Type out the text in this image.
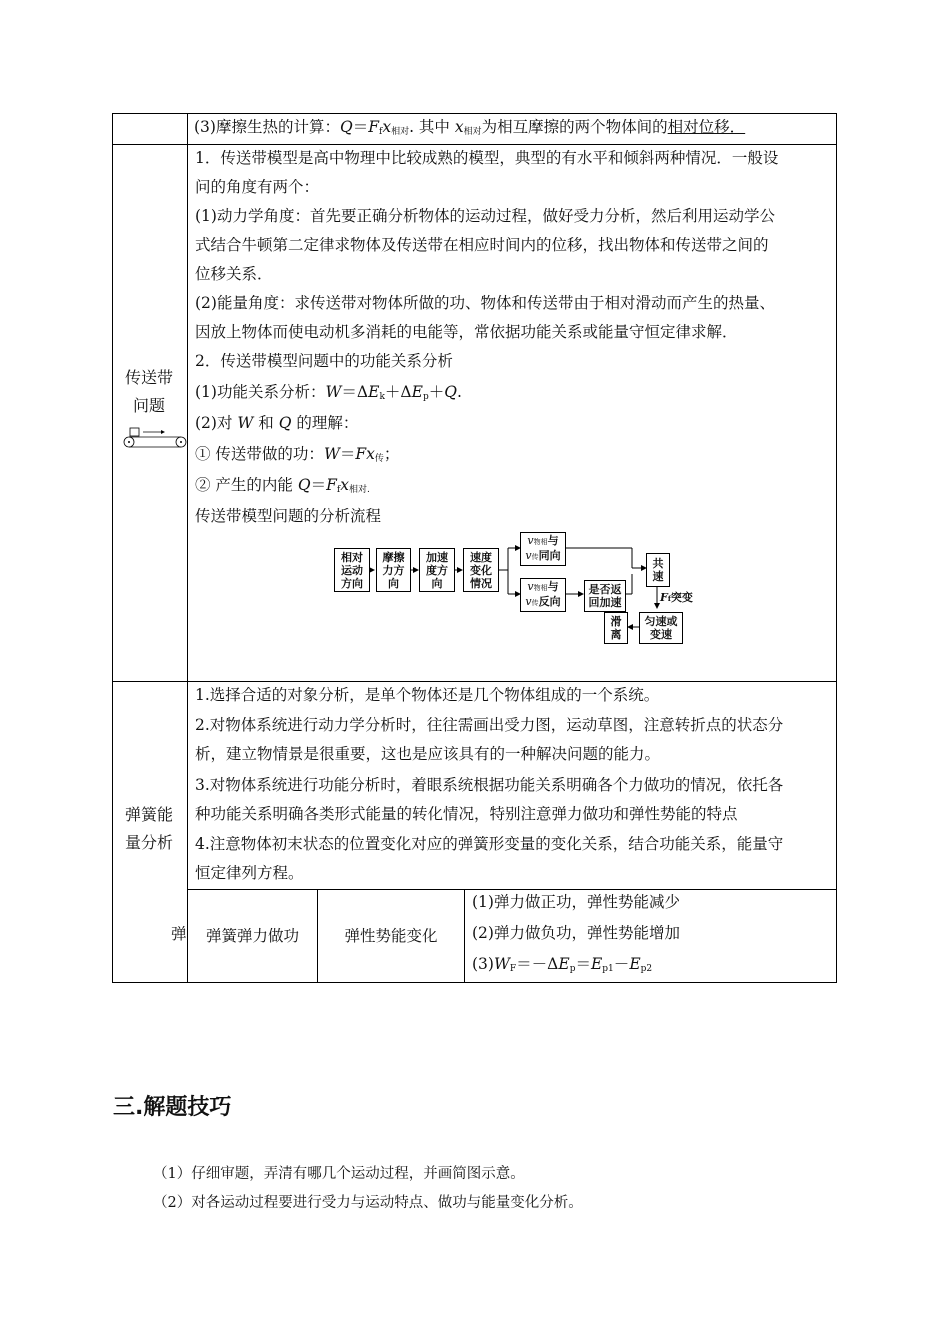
(3)摩擦生热的计算：$Q=F_fx_{相对}$. 其中 $x_{相对}$为相互摩擦的两个物体间的相对位移．
传送带
问题
1．传送带模型是高中物理中比较成熟的模型，典型的有水平和倾斜两种情况．一般设
问的角度有两个：
(1)动力学角度：首先要正确分析物体的运动过程，做好受力分析，然后利用运动学公
式结合牛顿第二定律求物体及传送带在相应时间内的位移，找出物体和传送带之间的
位移关系．
(2)能量角度：求传送带对物体所做的功、物体和传送带由于相对滑动而产生的热量、
因放上物体而使电动机多消耗的电能等，常依据功能关系或能量守恒定律求解．
2．传送带模型问题中的功能关系分析
(1)功能关系分析：$W=\Delta E_k+\Delta E_p+Q$.
(2)对 W 和 Q 的理解：
① 传送带做的功：$W=Fx_传$；
② 产生的内能 $Q=F_fx_{相对.}$
传送带模型问题的分析流程
相对
运动
方向
摩擦
力方
向
加速
度方
向
速度
变化
情况
v物相与
v传同向
v物相与
v传反向
是否返
回加速
共
速
匀速或
变速
滑
离
Ff突变
弹簧能
量分析
1.选择合适的对象分析，是单个物体还是几个物体组成的一个系统。
2.对物体系统进行动力学分析时，往往需画出受力图，运动草图，注意转折点的状态分
析，建立物情景是很重要，这也是应该具有的一种解决问题的能力。
3.对物体系统进行功能分析时，着眼系统根据功能关系明确各个力做功的情况，依托各
种功能关系明确各类形式能量的转化情况，特别注意弹力做功和弹性势能的特点
4.注意物体初末状态的位置变化对应的弹簧形变量的变化关系，结合功能关系，能量守
恒定律列方程。
弹	弹簧弹力做功	弹性势能变化
(1)弹力做正功，弹性势能减少
(2)弹力做负功，弹性势能增加
$(3)W_F=-\Delta E_p=E_{p1}-E_{p2}$
三.解题技巧
（1）仔细审题，弄清有哪几个运动过程，并画简图示意。
（2）对各运动过程要进行受力与运动特点、做功与能量变化分析。
